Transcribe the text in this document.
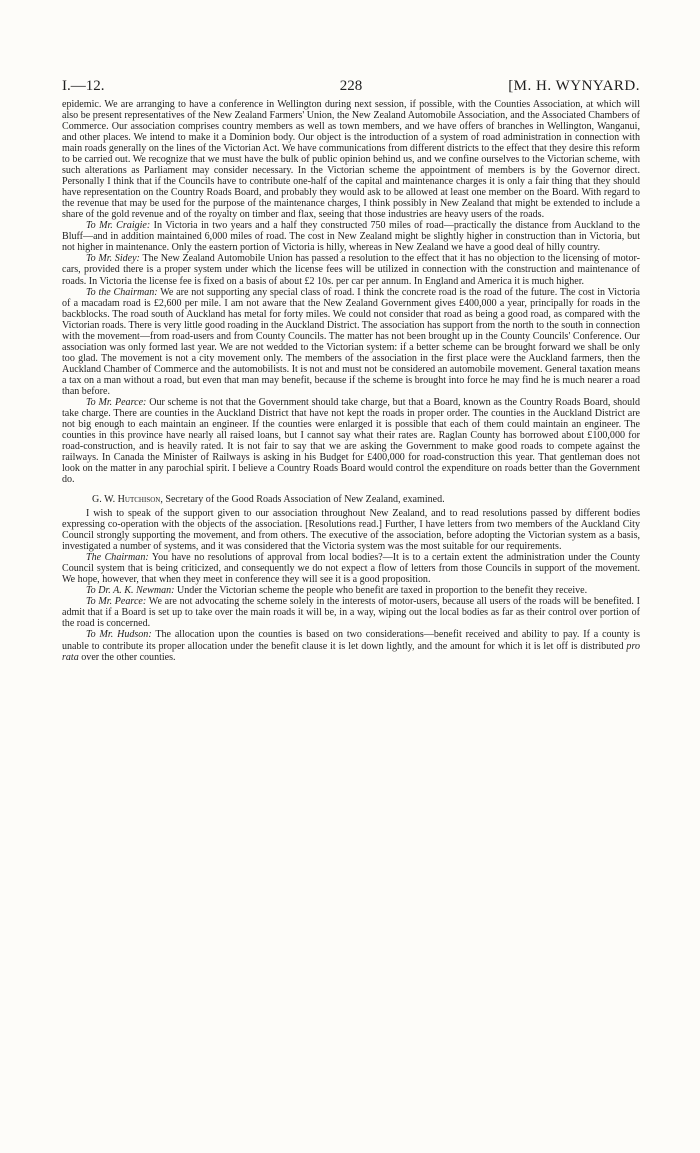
I.—12.	228	[M. H. WYNYARD.

epidemic. We are arranging to have a conference in Wellington during next session, if possible, with the Counties Association, at which will also be present representatives of the New Zealand Farmers' Union, the New Zealand Automobile Association, and the Associated Chambers of Commerce. Our association comprises country members as well as town members, and we have offers of branches in Wellington, Wanganui, and other places. We intend to make it a Dominion body. Our object is the introduction of a system of road administration in connection with main roads generally on the lines of the Victorian Act. We have communications from different districts to the effect that they desire this reform to be carried out. We recognize that we must have the bulk of public opinion behind us, and we confine ourselves to the Victorian scheme, with such alterations as Parliament may consider necessary. In the Victorian scheme the appointment of members is by the Governor direct. Personally I think that if the Councils have to contribute one-half of the capital and maintenance charges it is only a fair thing that they should have representation on the Country Roads Board, and probably they would ask to be allowed at least one member on the Board. With regard to the revenue that may be used for the purpose of the maintenance charges, I think possibly in New Zealand that might be extended to include a share of the gold revenue and of the royalty on timber and flax, seeing that those industries are heavy users of the roads.

To Mr. Craigie: In Victoria in two years and a half they constructed 750 miles of road—practically the distance from Auckland to the Bluff—and in addition maintained 6,000 miles of road. The cost in New Zealand might be slightly higher in construction than in Victoria, but not higher in maintenance. Only the eastern portion of Victoria is hilly, whereas in New Zealand we have a good deal of hilly country.

To Mr. Sidey: The New Zealand Automobile Union has passed a resolution to the effect that it has no objection to the licensing of motor-cars, provided there is a proper system under which the license fees will be utilized in connection with the construction and maintenance of roads. In Victoria the license fee is fixed on a basis of about £2 10s. per car per annum. In England and America it is much higher.

To the Chairman: We are not supporting any special class of road. I think the concrete road is the road of the future. The cost in Victoria of a macadam road is £2,600 per mile. I am not aware that the New Zealand Government gives £400,000 a year, principally for roads in the backblocks. The road south of Auckland has metal for forty miles. We could not consider that road as being a good road, as compared with the Victorian roads. There is very little good roading in the Auckland District. The association has support from the north to the south in connection with the movement—from road-users and from County Councils. The matter has not been brought up in the County Councils' Conference. Our association was only formed last year. We are not wedded to the Victorian system: if a better scheme can be brought forward we shall be only too glad. The movement is not a city movement only. The members of the association in the first place were the Auckland farmers, then the Auckland Chamber of Commerce and the automobilists. It is not and must not be considered an automobile movement. General taxation means a tax on a man without a road, but even that man may benefit, because if the scheme is brought into force he may find he is much nearer a road than before.

To Mr. Pearce: Our scheme is not that the Government should take charge, but that a Board, known as the Country Roads Board, should take charge. There are counties in the Auckland District that have not kept the roads in proper order. The counties in the Auckland District are not big enough to each maintain an engineer. If the counties were enlarged it is possible that each of them could maintain an engineer. The counties in this province have nearly all raised loans, but I cannot say what their rates are. Raglan County has borrowed about £100,000 for road-construction, and is heavily rated. It is not fair to say that we are asking the Government to make good roads to compete against the railways. In Canada the Minister of Railways is asking in his Budget for £400,000 for road-construction this year. That gentleman does not look on the matter in any parochial spirit. I believe a Country Roads Board would control the expenditure on roads better than the Government do.

G. W. Hutchison, Secretary of the Good Roads Association of New Zealand, examined.

I wish to speak of the support given to our association throughout New Zealand, and to read resolutions passed by different bodies expressing co-operation with the objects of the association. [Resolutions read.] Further, I have letters from two members of the Auckland City Council strongly supporting the movement, and from others. The executive of the association, before adopting the Victorian system as a basis, investigated a number of systems, and it was considered that the Victoria system was the most suitable for our requirements.

The Chairman: You have no resolutions of approval from local bodies?—It is to a certain extent the administration under the County Council system that is being criticized, and consequently we do not expect a flow of letters from those Councils in support of the movement. We hope, however, that when they meet in conference they will see it is a good proposition.

To Dr. A. K. Newman: Under the Victorian scheme the people who benefit are taxed in proportion to the benefit they receive.

To Mr. Pearce: We are not advocating the scheme solely in the interests of motor-users, because all users of the roads will be benefited. I admit that if a Board is set up to take over the main roads it will be, in a way, wiping out the local bodies as far as their control over portion of the road is concerned.

To Mr. Hudson: The allocation upon the counties is based on two considerations—benefit received and ability to pay. If a county is unable to contribute its proper allocation under the benefit clause it is let down lightly, and the amount for which it is let off is distributed pro rata over the other counties.
